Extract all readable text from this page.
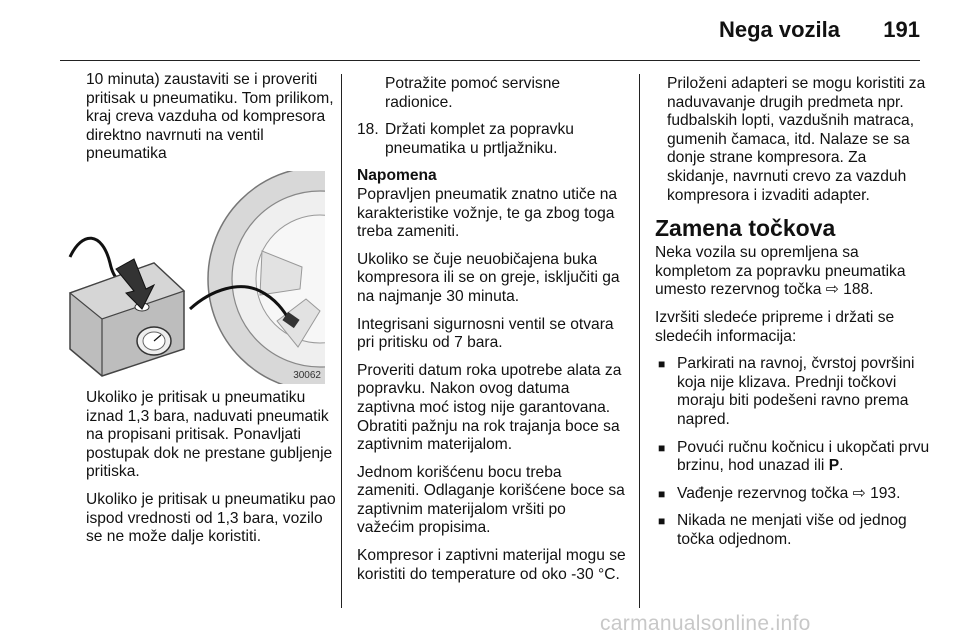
Nega vozila 191

10 minuta) zaustaviti se i proveriti pritisak u pneumatiku. Tom prilikom, kraj creva vazduha od kompresora direktno navrnuti na ventil pneumatika

30062

Ukoliko je pritisak u pneumatiku iznad 1,3 bara, naduvati pneumatik na propisani pritisak. Ponavljati postupak dok ne prestane gubljenje pritiska.

Ukoliko je pritisak u pneumatiku pao ispod vrednosti od 1,3 bara, vozilo se ne može dalje koristiti.

Potražite pomoć servisne radionice.

18. Držati komplet za popravku pneumatika u prtljažniku.
Napomena

Popravljen pneumatik znatno utiče na karakteristike vožnje, te ga zbog toga treba zameniti.

Ukoliko se čuje neuobičajena buka kompresora ili se on greje, isključiti ga na najmanje 30 minuta.

Integrisani sigurnosni ventil se otvara pri pritisku od 7 bara.

Proveriti datum roka upotrebe alata za popravku. Nakon ovog datuma zaptivna moć istog nije garantovana. Obratiti pažnju na rok trajanja boce sa zaptivnim materijalom.

Jednom korišćenu bocu treba zameniti. Odlaganje korišćene boce sa zaptivnim materijalom vršiti po važećim propisima.

Kompresor i zaptivni materijal mogu se koristiti do temperature od oko -30 °C.

Priloženi adapteri se mogu koristiti za naduvavanje drugih predmeta npr. fudbalskih lopti, vazdušnih matraca, gumenih čamaca, itd. Nalaze se sa donje strane kompresora. Za skidanje, navrnuti crevo za vazduh kompresora i izvaditi adapter.

Zamena točkova

Neka vozila su opremljena sa kompletom za popravku pneumatika umesto rezervnog točka ⇨ 188.

Izvršiti sledeće pripreme i držati se sledećih informacija:

■ Parkirati na ravnoj, čvrstoj površini koja nije klizava. Prednji točkovi moraju biti podešeni ravno prema napred.
■ Povući ručnu kočnicu i ukopčati prvu brzinu, hod unazad ili P.
■ Vađenje rezervnog točka ⇨ 193.
■ Nikada ne menjati više od jednog točka odjednom.
carmanualsonline.info
